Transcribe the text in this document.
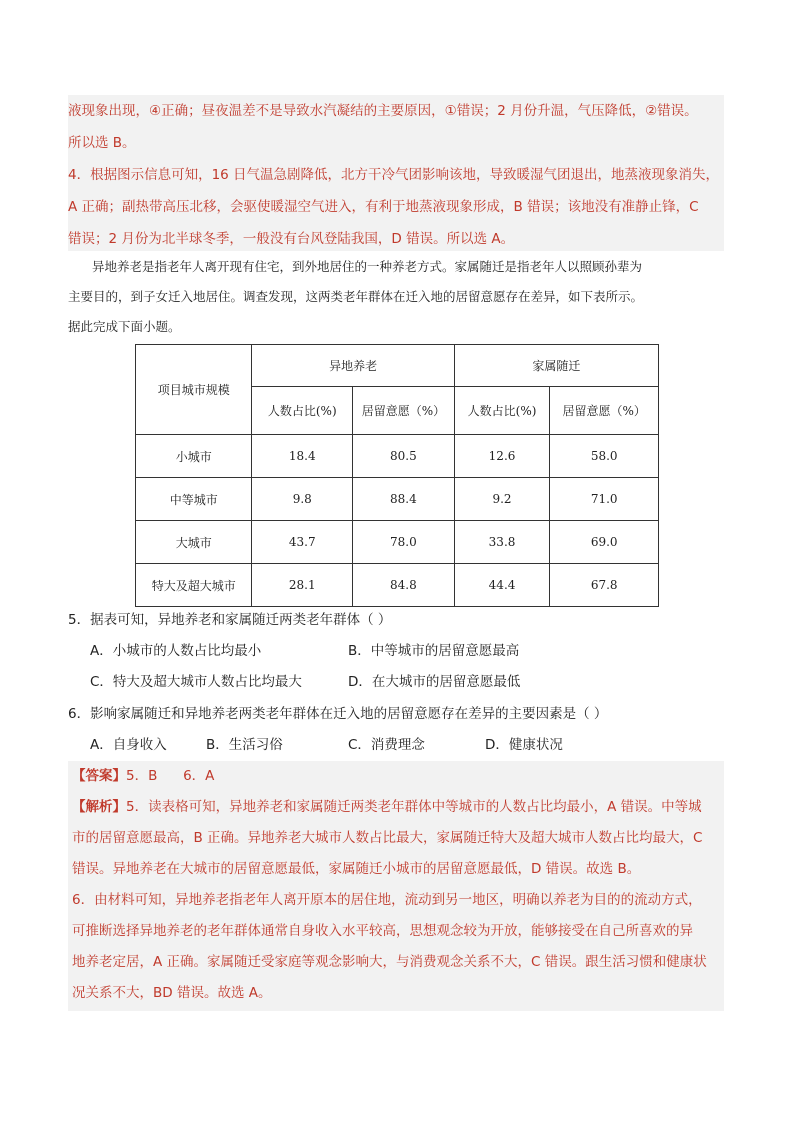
液现象出现，④正确；昼夜温差不是导致水汽凝结的主要原因，①错误；2 月份升温，气压降低，②错误。
所以选 B。
4．根据图示信息可知，16 日气温急剧降低，北方干冷气团影响该地，导致暖湿气团退出，地蒸液现象消失，
A 正确；副热带高压北移，会驱使暖湿空气进入，有利于地蒸液现象形成，B 错误；该地没有准静止锋，C
错误；2 月份为北半球冬季，一般没有台风登陆我国，D 错误。所以选 A。
异地养老是指老年人离开现有住宅，到外地居住的一种养老方式。家属随迁是指老年人以照顾孙辈为
主要目的，到子女迁入地居住。调查发现，这两类老年群体在迁入地的居留意愿存在差异，如下表所示。
据此完成下面小题。
项目城市规模	异地养老		家属随迁	
	人数占比(%)	居留意愿（%）	人数占比(%)	居留意愿（%）
小城市	18.4	80.5	12.6	58.0
中等城市	9.8	88.4	9.2	71.0
大城市	43.7	78.0	33.8	69.0
特大及超大城市	28.1	84.8	44.4	67.8
5．据表可知，异地养老和家属随迁两类老年群体（ ）
A．小城市的人数占比均最小	B．中等城市的居留意愿最高
C．特大及超大城市人数占比均最大	D．在大城市的居留意愿最低
6．影响家属随迁和异地养老两类老年群体在迁入地的居留意愿存在差异的主要因素是（ ）
A．自身收入	B．生活习俗	C．消费理念	D．健康状况
【答案】5．B      6．A
【解析】5．读表格可知，异地养老和家属随迁两类老年群体中等城市的人数占比均最小，A 错误。中等城
市的居留意愿最高，B 正确。异地养老大城市人数占比最大，家属随迁特大及超大城市人数占比均最大，C
错误。异地养老在大城市的居留意愿最低，家属随迁小城市的居留意愿最低，D 错误。故选 B。
6．由材料可知，异地养老指老年人离开原本的居住地，流动到另一地区，明确以养老为目的的流动方式，
可推断选择异地养老的老年群体通常自身收入水平较高，思想观念较为开放，能够接受在自己所喜欢的异
地养老定居，A 正确。家属随迁受家庭等观念影响大，与消费观念关系不大，C 错误。跟生活习惯和健康状
况关系不大，BD 错误。故选 A。
